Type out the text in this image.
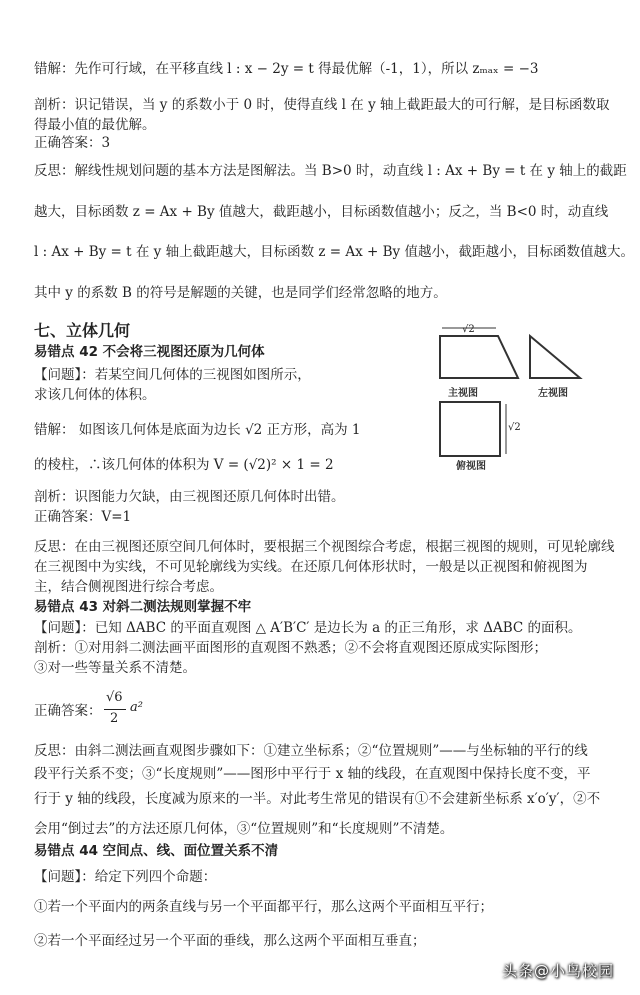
错解：先作可行域，在平移直线 l : x − 2y = t 得最优解（-1，1），所以 zₘₐₓ = −3
剖析：识记错误，当 y 的系数小于 0 时，使得直线 l 在 y 轴上截距最大的可行解，是目标函数取
得最小值的最优解。
正确答案：3
反思：解线性规划问题的基本方法是图解法。当 B>0 时，动直线 l : Ax + By = t 在 y 轴上的截距
越大，目标函数 z = Ax + By 值越大，截距越小，目标函数值越小；反之，当 B<0 时，动直线
l : Ax + By = t 在 y 轴上截距越大，目标函数 z = Ax + By 值越小，截距越小，目标函数值越大。
其中 y 的系数 B 的符号是解题的关键，也是同学们经常忽略的地方。
七、立体几何
易错点 42 不会将三视图还原为几何体
【问题】：若某空间几何体的三视图如图所示，
求该几何体的体积。
错解： 如图该几何体是底面为边长 √2 正方形，高为 1
的棱柱，∴该几何体的体积为 V = (√2)² × 1 = 2
剖析：识图能力欠缺，由三视图还原几何体时出错。
正确答案：V=1
反思：在由三视图还原空间几何体时，要根据三个视图综合考虑，根据三视图的规则，可见轮廓线
在三视图中为实线，不可见轮廓线为实线。在还原几何体形状时，一般是以正视图和俯视图为
主，结合侧视图进行综合考虑。
易错点 43 对斜二测法规则掌握不牢
【问题】：已知 ΔABC 的平面直观图 △ A′B′C′ 是边长为 a 的正三角形，求 ΔABC 的面积。
剖析：①对用斜二测法画平面图形的直观图不熟悉；②不会将直观图还原成实际图形；
③对一些等量关系不清楚。
正确答案：
√6
2
a²
反思：由斜二测法画直观图步骤如下：①建立坐标系；②“位置规则”——与坐标轴的平行的线
段平行关系不变；③“长度规则”——图形中平行于 x 轴的线段，在直观图中保持长度不变，平
行于 y 轴的线段，长度减为原来的一半。对此考生常见的错误有①不会建新坐标系 x′o′y′，②不
会用“倒过去”的方法还原几何体，③“位置规则”和“长度规则”不清楚。
易错点 44 空间点、线、面位置关系不清
【问题】：给定下列四个命题：
①若一个平面内的两条直线与另一个平面都平行，那么这两个平面相互平行；
②若一个平面经过另一个平面的垂线，那么这两个平面相互垂直；
√2
主视图	左视图
√2
俯视图
头条@小鸟校园
